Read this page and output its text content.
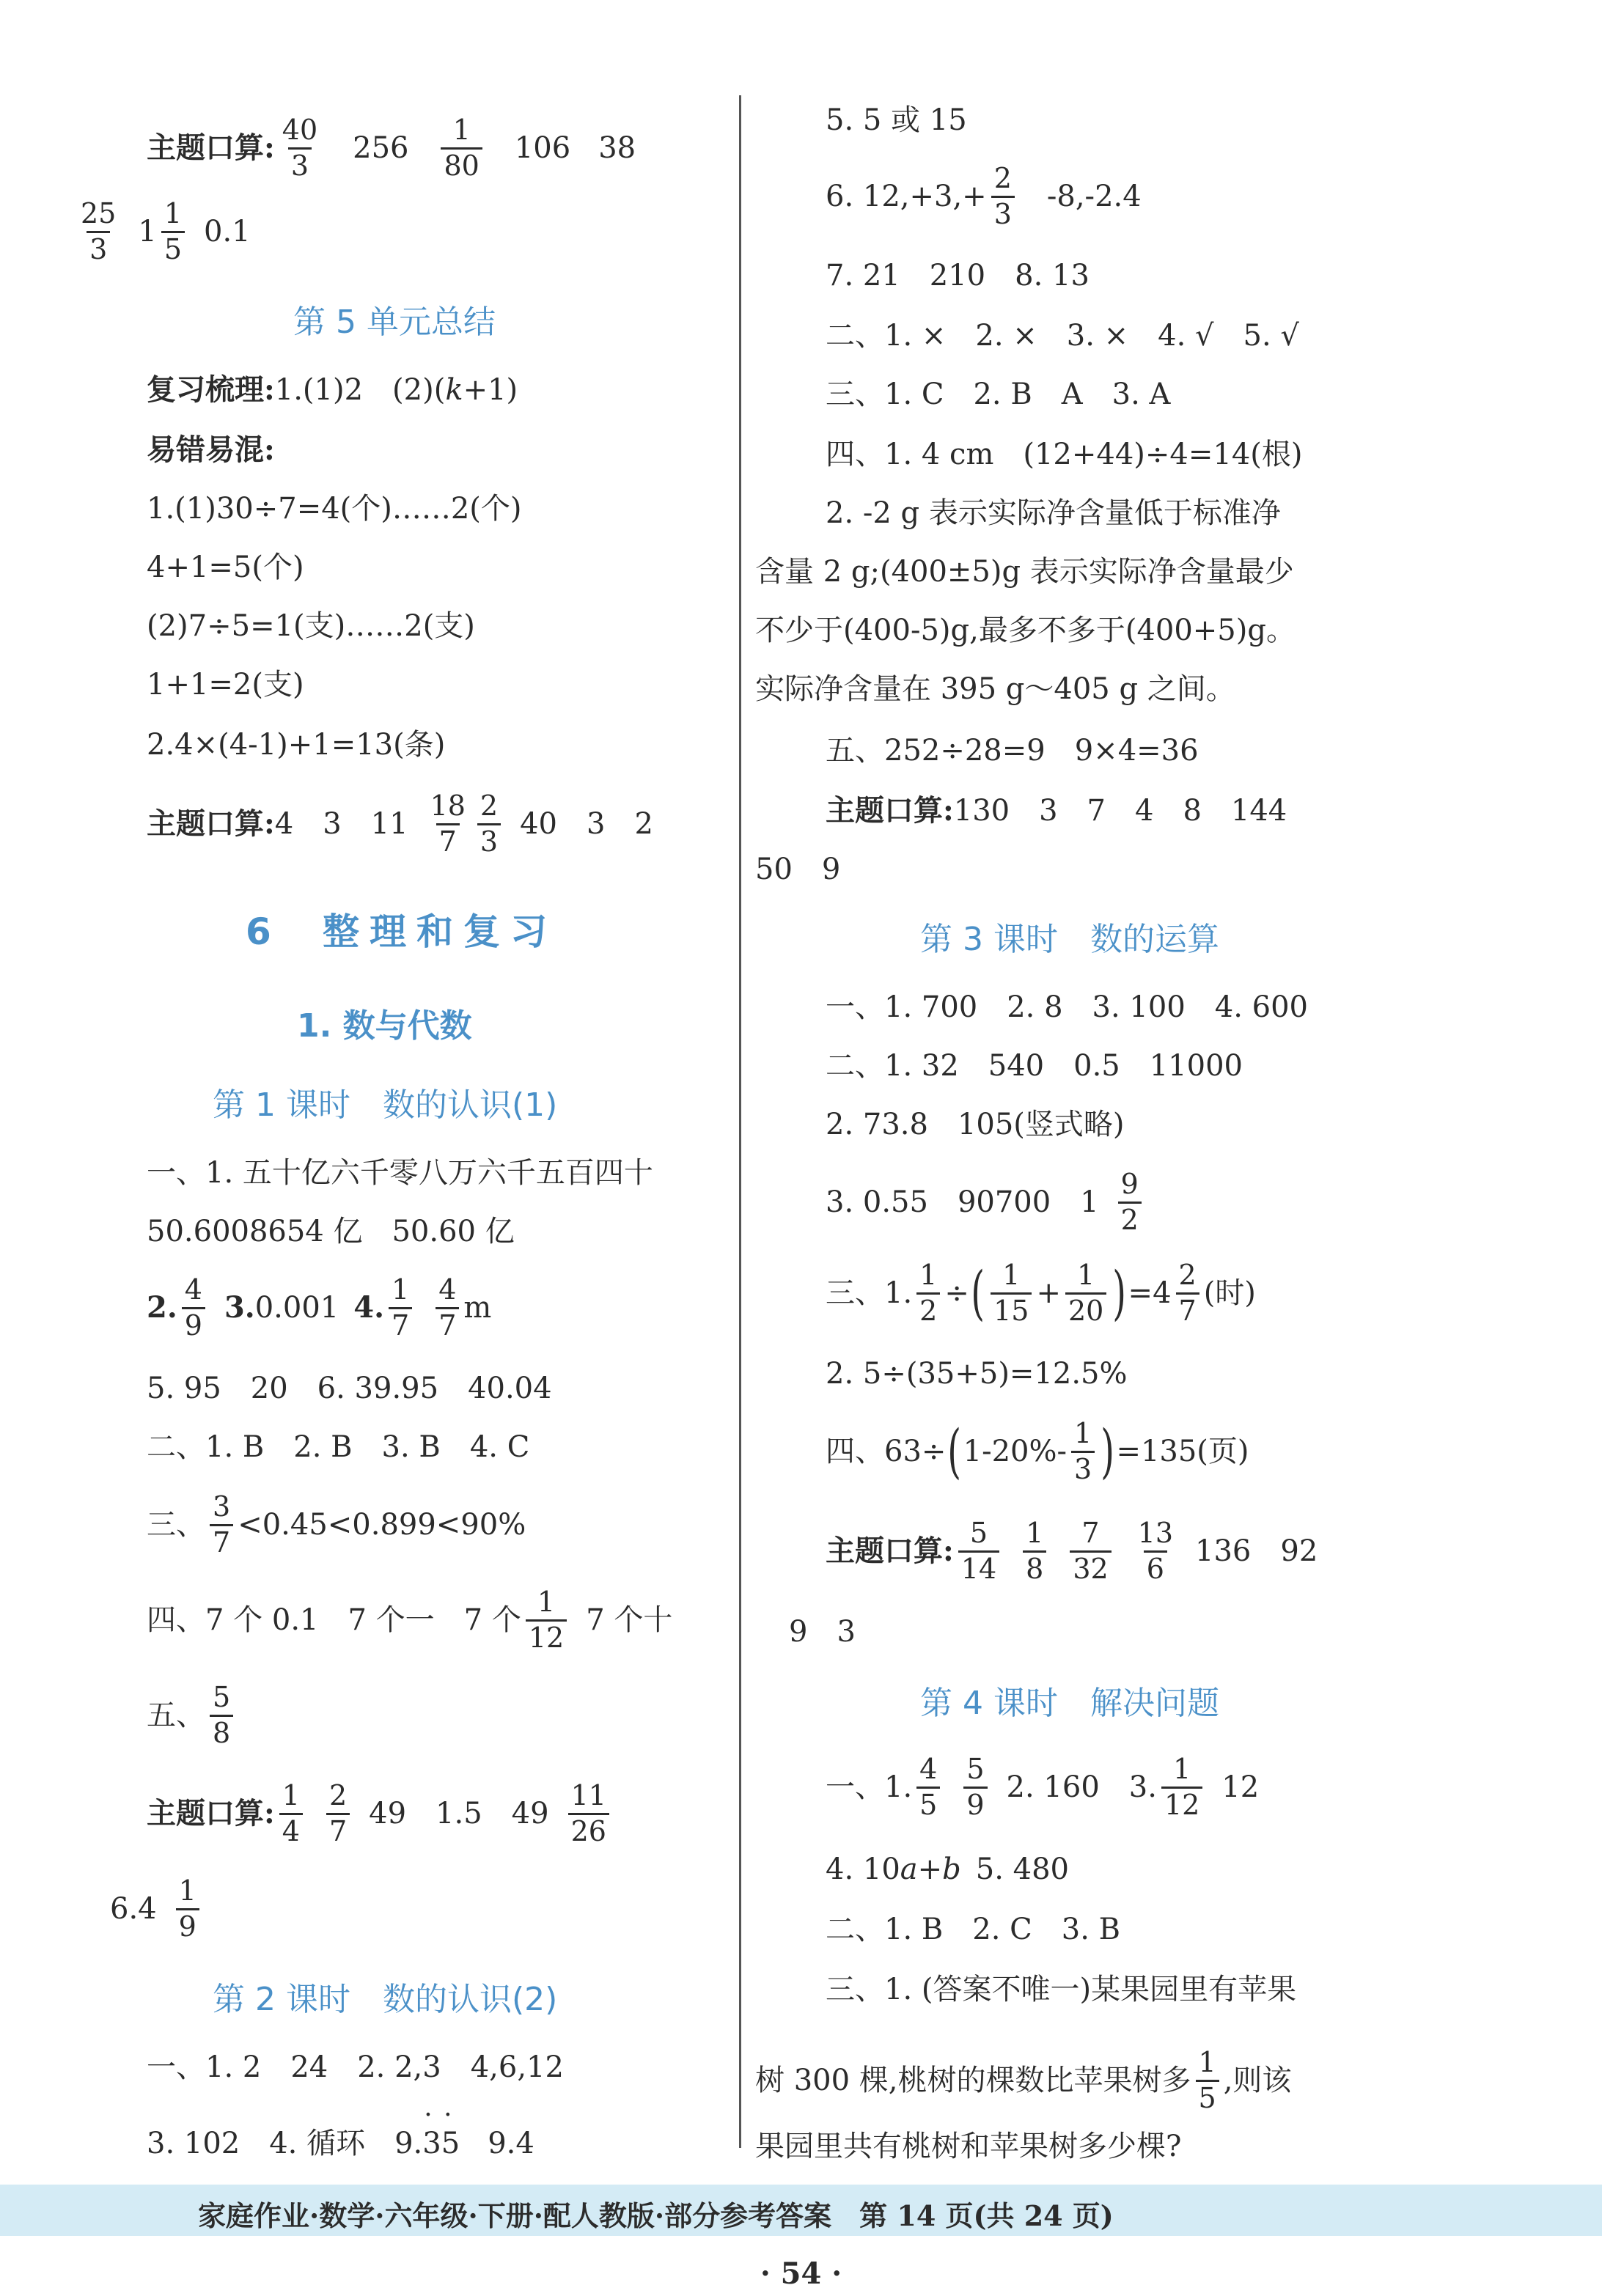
主题口算: $\frac{40}{3} 256 \frac{1}{80} 106$ 38
$\frac{25}{3} 1 \frac{1}{5} 0.1$
第 5 单元总结
复习梳理: 1.(1)2　(2)( k +1)
易错易混:
1.(1)30÷7=4(个)……2(个)
4+1=5(个)
(2)7÷5=1(支)……2(支)
1+1=2(支)
2.4×(4-1)+1=13(条)
主题口算: 4　3　$11 \frac{18}{7} \frac{2}{3} 40$　3　2
6 整理和复习
1. 数与代数
第 1 课时　数的认识(1)
一、1. 五十亿六千零八万六千五百四十
50.6008654 亿　50.60 亿
2. $\frac{4}{9} 3$. 0.001 4. $\frac{1}{7} \frac{4}{7}$ m
5. 95　20　6. 39.95　40.04
二、1. B　2. B　3. B　4. C
三、 $\frac{3}{7} <0.45<0.899<90\%$
四、7 个 0.1　7 个一　7 个 $\frac{1}{12} 7$ 个十
五、 $\frac{5}{8}$
主题口算: $\frac{1}{4} \frac{2}{7} 49$　1.5　$49 \frac{11}{26}$
$6.4 \frac{1}{9}$
第 2 课时　数的认识(2)
一、1. 2　24　2. 2,3　4,6,12
3. 102　4. 循环　9.
· · 35 9.4
5. 5 或 15
6. $12,+3,+ \frac{2}{3} -8,-2.4$
7. 21　210　8. 13
二、1. ×　2. ×　3. ×　4. √　5. √
三、1. C　2. B　A　3. A
四、1. 4 cm　(12+44)÷4=14(根)
2. -2 g 表示实际净含量低于标准净
含量 2 g;(400±5)g 表示实际净含量最少
不少于(400-5)g,最多不多于(400+5)g。
实际净含量在 395 g～405 g 之间。
五、252÷28=9　9×4=36
主题口算: 130　3　7　4　8　144
50　9
第 3 课时　数的运算
一、1. 700　2. 8　3. 100　4. 600
二、1. 32　540　0.5　11000
2. 73.8　105(竖式略)
3. 0.55　90700　$1 \frac{9}{2}$
三、1. $\frac{1}{2}$ ÷ ( $\frac{1}{15} + \frac{1}{20}$ ) $=4 \frac{2}{7}$ (时)
2. 5÷(35+5)=12.5%
四、63÷ ( $1-20\%- \frac{1}{3}$ ) =135(页)
主题口算: $\frac{5}{14} \frac{1}{8} \frac{7}{32} \frac{13}{6} 136$　92
9　3
第 4 课时　解决问题
一、1. $\frac{4}{5} \frac{5}{9} 2$. 160　3. $\frac{1}{12} 12$
4. 10 a + b 5. 480
二、1. B　2. C　3. B
三、1. (答案不唯一)某果园里有苹果
树 300 棵,桃树的棵数比苹果树多 $\frac{1}{5}$ ,则该
果园里共有桃树和苹果树多少棵?
家庭作业·数学·六年级·下册·配人教版·部分参考答案　第 14 页(共 24 页)
· 54 ·
